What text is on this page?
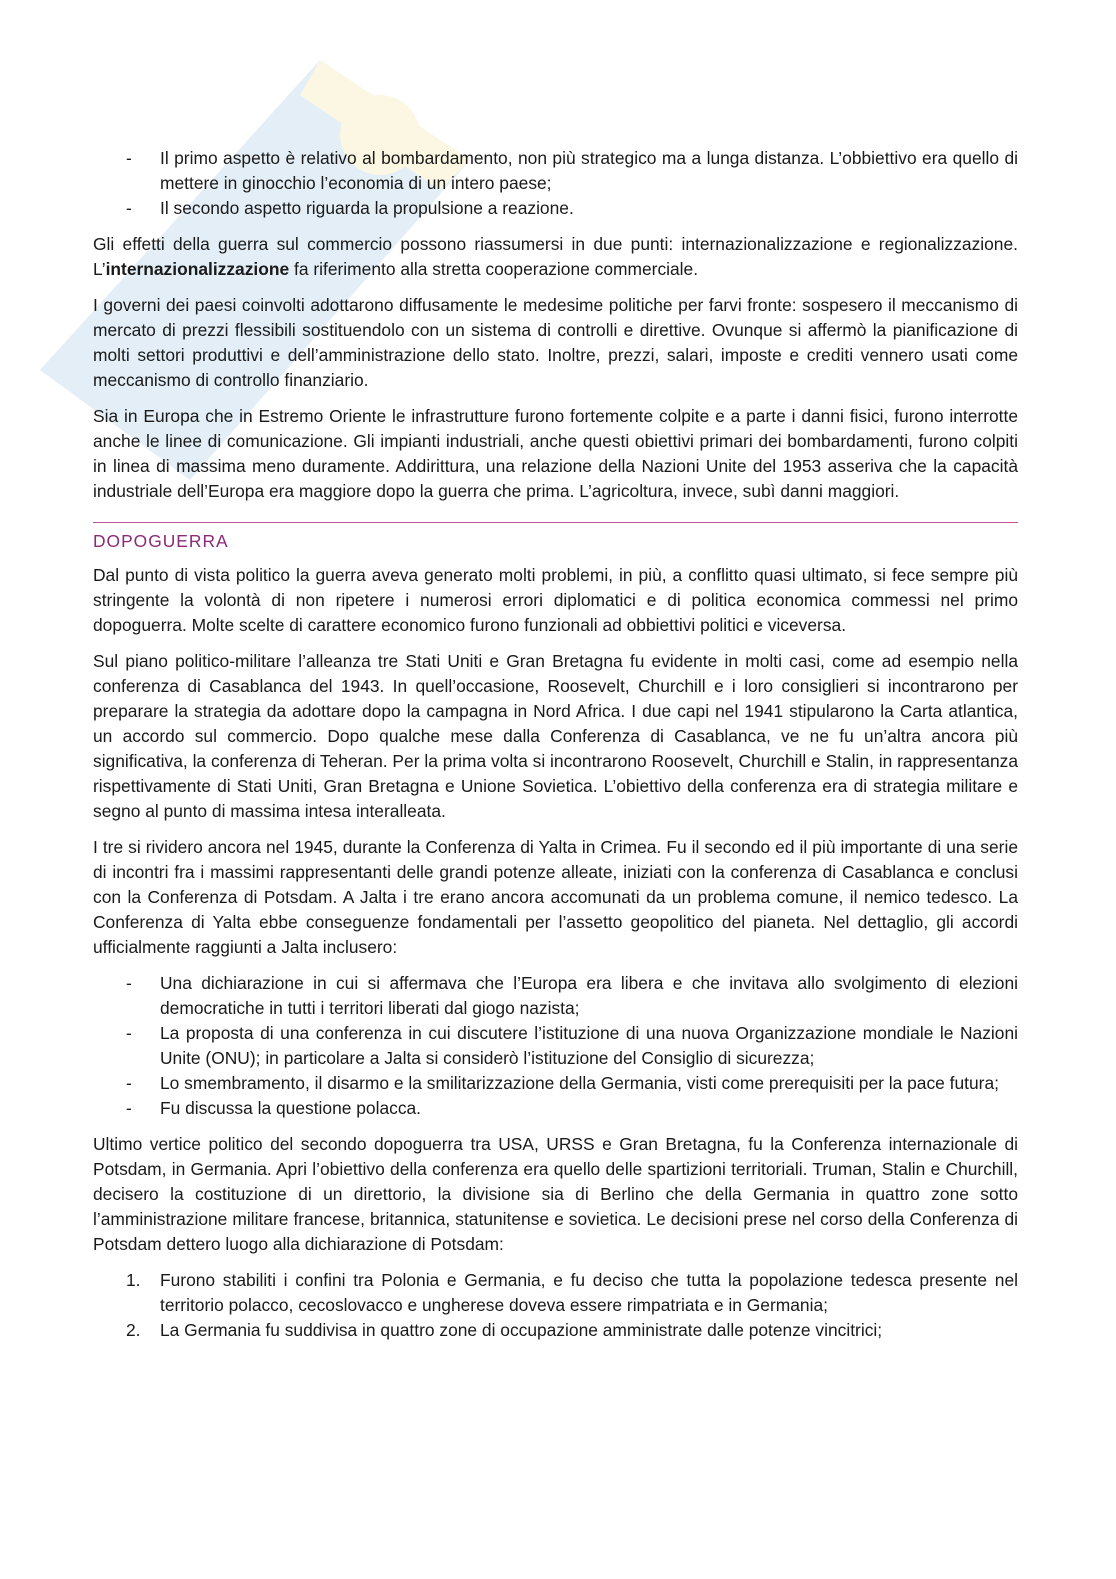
- Il primo aspetto è relativo al bombardamento, non più strategico ma a lunga distanza. L’obbiettivo era quello di mettere in ginocchio l’economia di un intero paese;
- Il secondo aspetto riguarda la propulsione a reazione.

Gli effetti della guerra sul commercio possono riassumersi in due punti: internazionalizzazione e regionalizzazione. L’internazionalizzazione fa riferimento alla stretta cooperazione commerciale.

I governi dei paesi coinvolti adottarono diffusamente le medesime politiche per farvi fronte: sospesero il meccanismo di mercato di prezzi flessibili sostituendolo con un sistema di controlli e direttive. Ovunque si affermò la pianificazione di molti settori produttivi e dell’amministrazione dello stato. Inoltre, prezzi, salari, imposte e crediti vennero usati come meccanismo di controllo finanziario.

Sia in Europa che in Estremo Oriente le infrastrutture furono fortemente colpite e a parte i danni fisici, furono interrotte anche le linee di comunicazione. Gli impianti industriali, anche questi obiettivi primari dei bombardamenti, furono colpiti in linea di massima meno duramente. Addirittura, una relazione della Nazioni Unite del 1953 asseriva che la capacità industriale dell’Europa era maggiore dopo la guerra che prima. L’agricoltura, invece, subì danni maggiori.

DOPOGUERRA

Dal punto di vista politico la guerra aveva generato molti problemi, in più, a conflitto quasi ultimato, si fece sempre più stringente la volontà di non ripetere i numerosi errori diplomatici e di politica economica commessi nel primo dopoguerra. Molte scelte di carattere economico furono funzionali ad obbiettivi politici e viceversa.

Sul piano politico-militare l’alleanza tre Stati Uniti e Gran Bretagna fu evidente in molti casi, come ad esempio nella conferenza di Casablanca del 1943. In quell’occasione, Roosevelt, Churchill e i loro consiglieri si incontrarono per preparare la strategia da adottare dopo la campagna in Nord Africa. I due capi nel 1941 stipularono la Carta atlantica, un accordo sul commercio. Dopo qualche mese dalla Conferenza di Casablanca, ve ne fu un’altra ancora più significativa, la conferenza di Teheran. Per la prima volta si incontrarono Roosevelt, Churchill e Stalin, in rappresentanza rispettivamente di Stati Uniti, Gran Bretagna e Unione Sovietica. L’obiettivo della conferenza era di strategia militare e segno al punto di massima intesa interalleata.

I tre si rividero ancora nel 1945, durante la Conferenza di Yalta in Crimea. Fu il secondo ed il più importante di una serie di incontri fra i massimi rappresentanti delle grandi potenze alleate, iniziati con la conferenza di Casablanca e conclusi con la Conferenza di Potsdam. A Jalta i tre erano ancora accomunati da un problema comune, il nemico tedesco. La Conferenza di Yalta ebbe conseguenze fondamentali per l’assetto geopolitico del pianeta. Nel dettaglio, gli accordi ufficialmente raggiunti a Jalta inclusero:

- Una dichiarazione in cui si affermava che l’Europa era libera e che invitava allo svolgimento di elezioni democratiche in tutti i territori liberati dal giogo nazista;
- La proposta di una conferenza in cui discutere l’istituzione di una nuova Organizzazione mondiale le Nazioni Unite (ONU); in particolare a Jalta si considerò l’istituzione del Consiglio di sicurezza;
- Lo smembramento, il disarmo e la smilitarizzazione della Germania, visti come prerequisiti per la pace futura;
- Fu discussa la questione polacca.

Ultimo vertice politico del secondo dopoguerra tra USA, URSS e Gran Bretagna, fu la Conferenza internazionale di Potsdam, in Germania. Apri l’obiettivo della conferenza era quello delle spartizioni territoriali. Truman, Stalin e Churchill, decisero la costituzione di un direttorio, la divisione sia di Berlino che della Germania in quattro zone sotto l’amministrazione militare francese, britannica, statunitense e sovietica. Le decisioni prese nel corso della Conferenza di Potsdam dettero luogo alla dichiarazione di Potsdam:

1. Furono stabiliti i confini tra Polonia e Germania, e fu deciso che tutta la popolazione tedesca presente nel territorio polacco, cecoslovacco e ungherese doveva essere rimpatriata e in Germania;
2. La Germania fu suddivisa in quattro zone di occupazione amministrate dalle potenze vincitrici;
